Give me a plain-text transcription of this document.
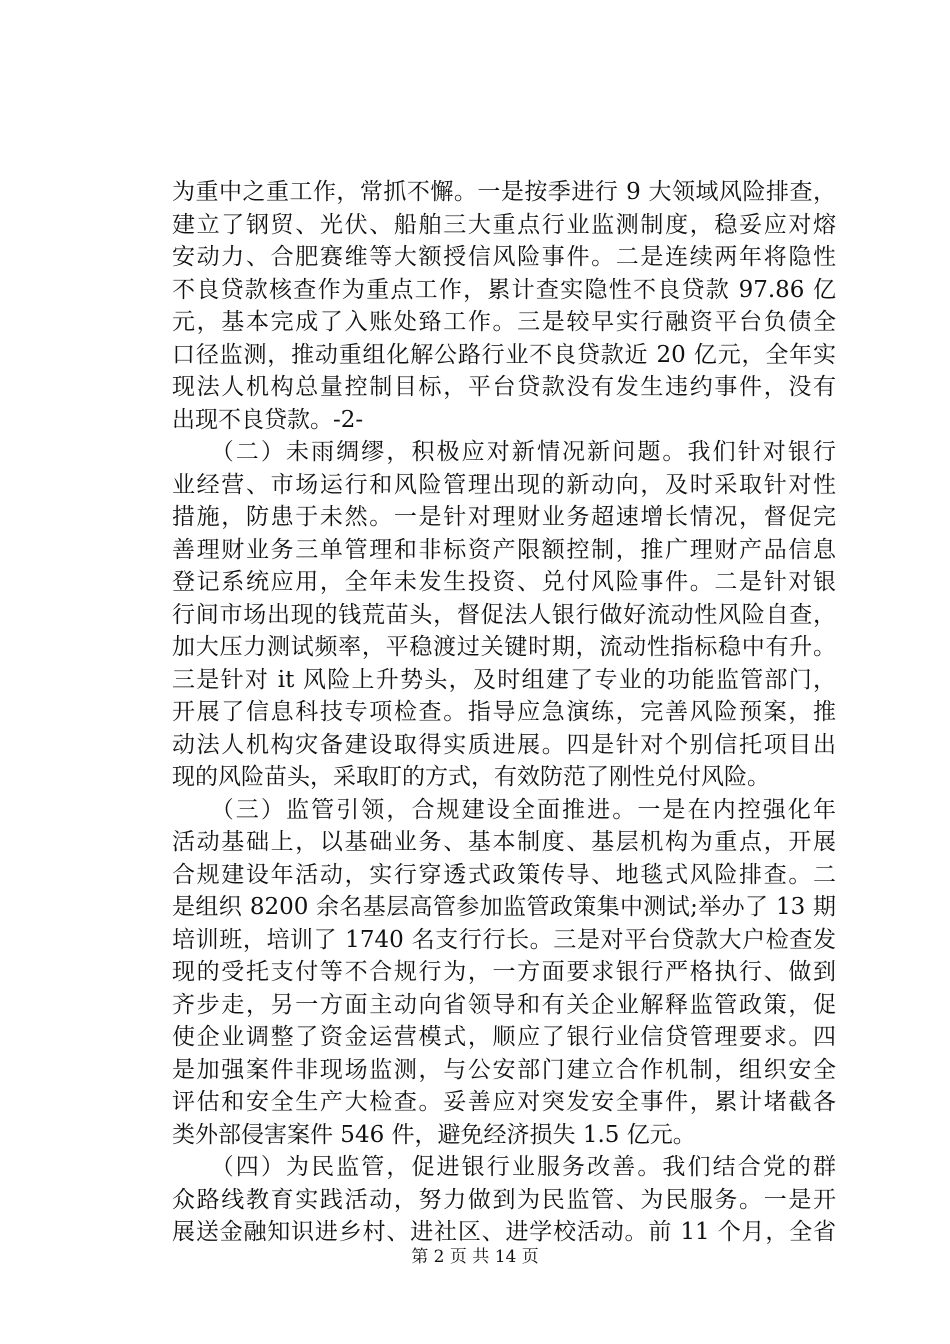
为重中之重工作，常抓不懈。一是按季进行 9 大领域风险排查，
建立了钢贸、光伏、船舶三大重点行业监测制度，稳妥应对熔
安动力、合肥赛维等大额授信风险事件。二是连续两年将隐性
不良贷款核查作为重点工作，累计查实隐性不良贷款 97.86 亿
元，基本完成了入账处臵工作。三是较早实行融资平台负债全
口径监测，推动重组化解公路行业不良贷款近 20 亿元，全年实
现法人机构总量控制目标，平台贷款没有发生违约事件，没有
出现不良贷款。-2-
　　（二）未雨绸缪，积极应对新情况新问题。我们针对银行
业经营、市场运行和风险管理出现的新动向，及时采取针对性
措施，防患于未然。一是针对理财业务超速增长情况，督促完
善理财业务三单管理和非标资产限额控制，推广理财产品信息
登记系统应用，全年未发生投资、兑付风险事件。二是针对银
行间市场出现的钱荒苗头，督促法人银行做好流动性风险自查，
加大压力测试频率，平稳渡过关键时期，流动性指标稳中有升。
三是针对 it 风险上升势头，及时组建了专业的功能监管部门，
开展了信息科技专项检查。指导应急演练，完善风险预案，推
动法人机构灾备建设取得实质进展。四是针对个别信托项目出
现的风险苗头，采取盯的方式，有效防范了刚性兑付风险。
　　（三）监管引领，合规建设全面推进。一是在内控强化年
活动基础上，以基础业务、基本制度、基层机构为重点，开展
合规建设年活动，实行穿透式政策传导、地毯式风险排查。二
是组织 8200 余名基层高管参加监管政策集中测试;举办了 13 期
培训班，培训了 1740 名支行行长。三是对平台贷款大户检查发
现的受托支付等不合规行为，一方面要求银行严格执行、做到
齐步走，另一方面主动向省领导和有关企业解释监管政策，促
使企业调整了资金运营模式，顺应了银行业信贷管理要求。四
是加强案件非现场监测，与公安部门建立合作机制，组织安全
评估和安全生产大检查。妥善应对突发安全事件，累计堵截各
类外部侵害案件 546 件，避免经济损失 1.5 亿元。
　　（四）为民监管，促进银行业服务改善。我们结合党的群
众路线教育实践活动，努力做到为民监管、为民服务。一是开
展送金融知识进乡村、进社区、进学校活动。前 11 个月，全省
第 2 页 共 14 页
